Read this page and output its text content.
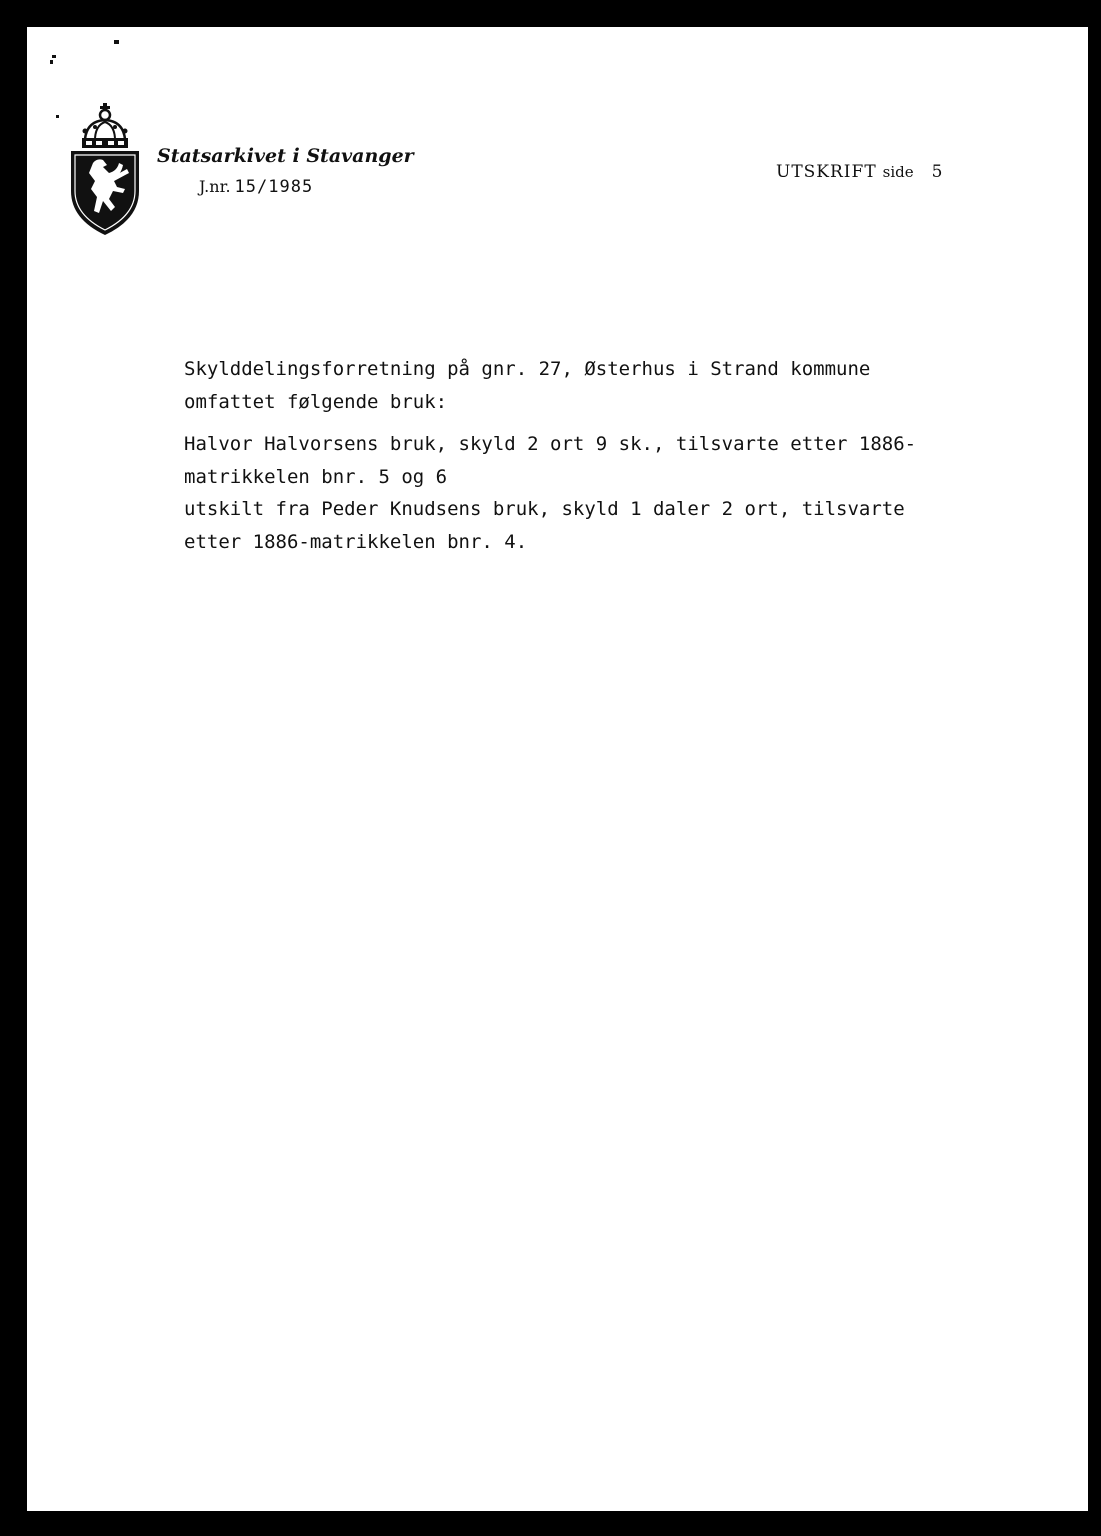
Statsarkivet i Stavanger
J.nr. 15/1985
UTSKRIFT side 5

Skylddelingsforretning på gnr. 27, Østerhus i Strand kommune

omfattet følgende bruk:

Halvor Halvorsens bruk, skyld 2 ort 9 sk., tilsvarte etter 1886-

matrikkelen bnr. 5 og 6

utskilt fra Peder Knudsens bruk, skyld 1 daler 2 ort, tilsvarte

etter 1886-matrikkelen bnr. 4.
